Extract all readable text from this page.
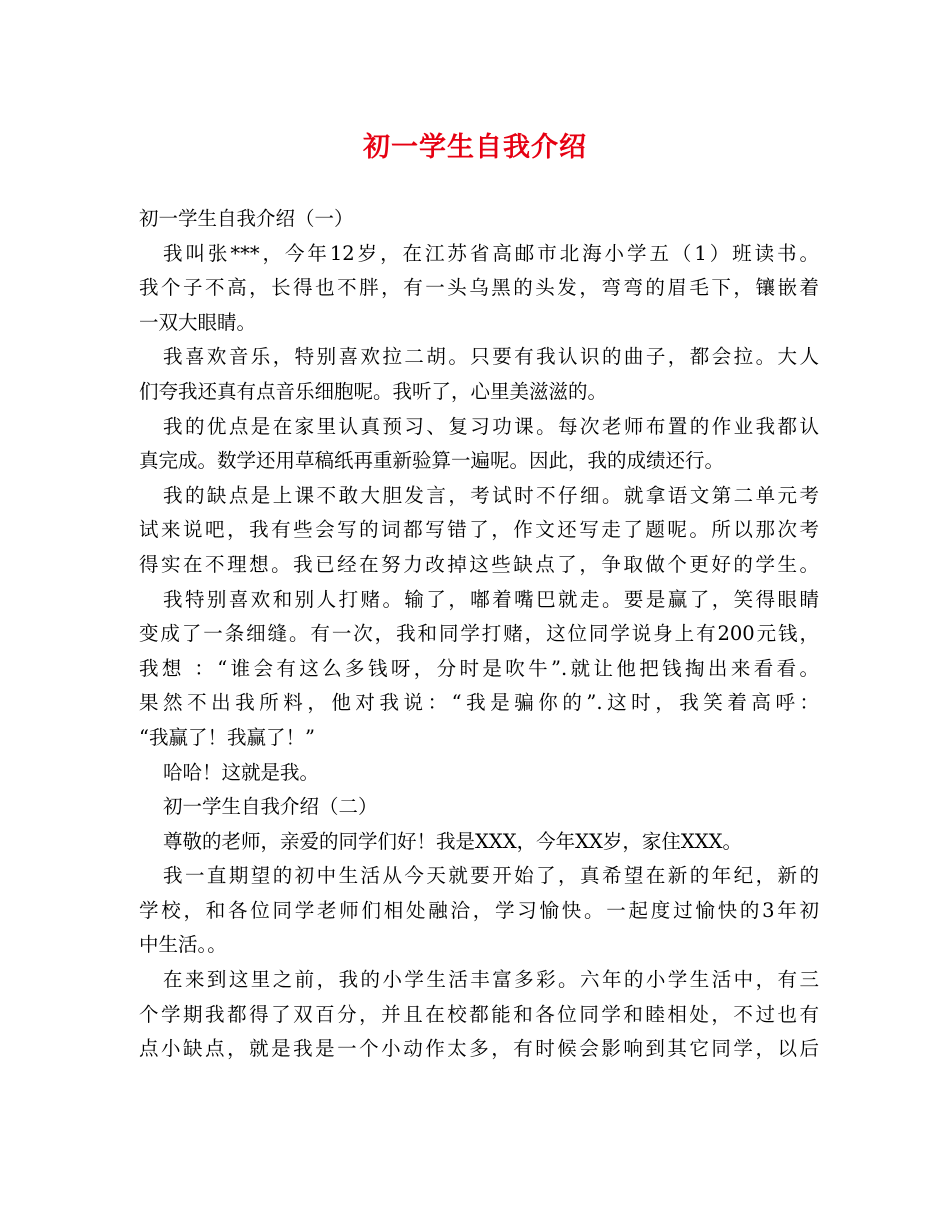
初一学生自我介绍
初一学生自我介绍（一）
我叫张***，今年12岁，在江苏省高邮市北海小学五（1）班读书。
我个子不高，长得也不胖，有一头乌黑的头发，弯弯的眉毛下，镶嵌着
一双大眼睛。
我喜欢音乐，特别喜欢拉二胡。只要有我认识的曲子，都会拉。大人
们夸我还真有点音乐细胞呢。我听了，心里美滋滋的。
我的优点是在家里认真预习、复习功课。每次老师布置的作业我都认
真完成。数学还用草稿纸再重新验算一遍呢。因此，我的成绩还行。
我的缺点是上课不敢大胆发言，考试时不仔细。就拿语文第二单元考
试来说吧，我有些会写的词都写错了，作文还写走了题呢。所以那次考
得实在不理想。我已经在努力改掉这些缺点了，争取做个更好的学生。
我特别喜欢和别人打赌。输了，嘟着嘴巴就走。要是赢了，笑得眼睛
变成了一条细缝。有一次，我和同学打赌，这位同学说身上有200元钱，
我想 ：“谁会有这么多钱呀，分时是吹牛”.就让他把钱掏出来看看。
果然不出我所料，他对我说：“我是骗你的”.这时，我笑着高呼：
“我赢了！我赢了！”
哈哈！这就是我。
初一学生自我介绍（二）
尊敬的老师，亲爱的同学们好！我是XXX，今年XX岁，家住XXX。
我一直期望的初中生活从今天就要开始了，真希望在新的年纪，新的
学校，和各位同学老师们相处融洽，学习愉快。一起度过愉快的3年初
中生活。。
在来到这里之前，我的小学生活丰富多彩。六年的小学生活中，有三
个学期我都得了双百分，并且在校都能和各位同学和睦相处，不过也有
点小缺点，就是我是一个小动作太多，有时候会影响到其它同学，以后
